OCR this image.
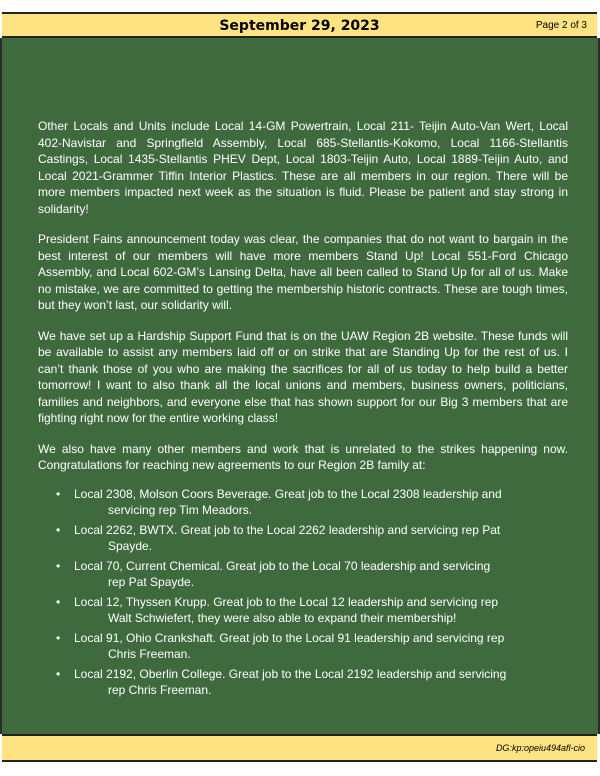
September 29, 2023	Page 2 of 3

Other Locals and Units include Local 14-GM Powertrain, Local 211- Teijin Auto-Van Wert, Local 402-Navistar and Springfield Assembly, Local 685-Stellantis-Kokomo, Local 1166-Stellantis Castings, Local 1435-Stellantis PHEV Dept, Local 1803-Teijin Auto, Local 1889-Teijin Auto, and Local 2021-Grammer Tiffin Interior Plastics. These are all members in our region. There will be more members impacted next week as the situation is fluid. Please be patient and stay strong in solidarity!

President Fains announcement today was clear, the companies that do not want to bargain in the best interest of our members will have more members Stand Up! Local 551-Ford Chicago Assembly, and Local 602-GM’s Lansing Delta, have all been called to Stand Up for all of us. Make no mistake, we are committed to getting the membership historic contracts. These are tough times, but they won’t last, our solidarity will.

We have set up a Hardship Support Fund that is on the UAW Region 2B website. These funds will be available to assist any members laid off or on strike that are Standing Up for the rest of us. I can’t thank those of you who are making the sacrifices for all of us today to help build a better tomorrow! I want to also thank all the local unions and members, business owners, politicians, families and neighbors, and everyone else that has shown support for our Big 3 members that are fighting right now for the entire working class!

We also have many other members and work that is unrelated to the strikes happening now. Congratulations for reaching new agreements to our Region 2B family at:

• Local 2308, Molson Coors Beverage. Great job to the Local 2308 leadership and
servicing rep Tim Meadors.
• Local 2262, BWTX. Great job to the Local 2262 leadership and servicing rep Pat
Spayde.
• Local 70, Current Chemical. Great job to the Local 70 leadership and servicing
rep Pat Spayde.
• Local 12, Thyssen Krupp. Great job to the Local 12 leadership and servicing rep
Walt Schwiefert, they were also able to expand their membership!
• Local 91, Ohio Crankshaft. Great job to the Local 91 leadership and servicing rep
Chris Freeman.
• Local 2192, Oberlin College. Great job to the Local 2192 leadership and servicing
rep Chris Freeman.
DG:kp:opeiu494afl-cio
